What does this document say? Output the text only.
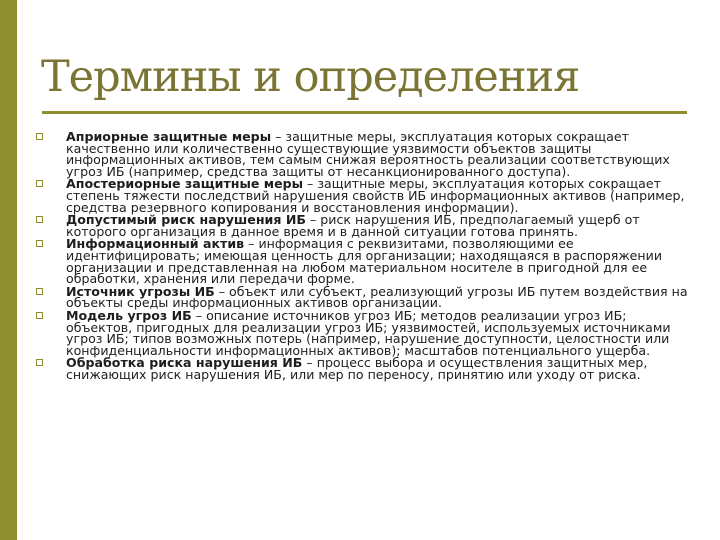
Термины и определения
Априорные защитные меры – защитные меры, эксплуатация которых сокращает качественно или количественно существующие уязвимости объектов защиты информационных активов, тем самым снижая вероятность реализации соответствующих угроз ИБ (например, средства защиты от несанкционированного доступа).
Апостериорные защитные меры – защитные меры, эксплуатация которых сокращает степень тяжести последствий нарушения свойств ИБ информационных активов (например, средства резервного копирования и восстановления информации).
Допустимый риск нарушения ИБ – риск нарушения ИБ, предполагаемый ущерб от которого организация в данное время и в данной ситуации готова принять.
Информационный актив – информация с реквизитами, позволяющими ее идентифицировать; имеющая ценность для организации; находящаяся в распоряжении организации и представленная на любом материальном носителе в пригодной для ее обработки, хранения или передачи форме.
Источник угрозы ИБ – объект или субъект, реализующий угрозы ИБ путем воздействия на объекты среды информационных активов организации.
Модель угроз ИБ – описание источников угроз ИБ; методов реализации угроз ИБ; объектов, пригодных для реализации угроз ИБ; уязвимостей, используемых источниками угроз ИБ; типов возможных потерь (например, нарушение доступности, целостности или конфиденциальности информационных активов); масштабов потенциального ущерба.
Обработка риска нарушения ИБ – процесс выбора и осуществления защитных мер, снижающих риск нарушения ИБ, или мер по переносу, принятию или уходу от риска.
